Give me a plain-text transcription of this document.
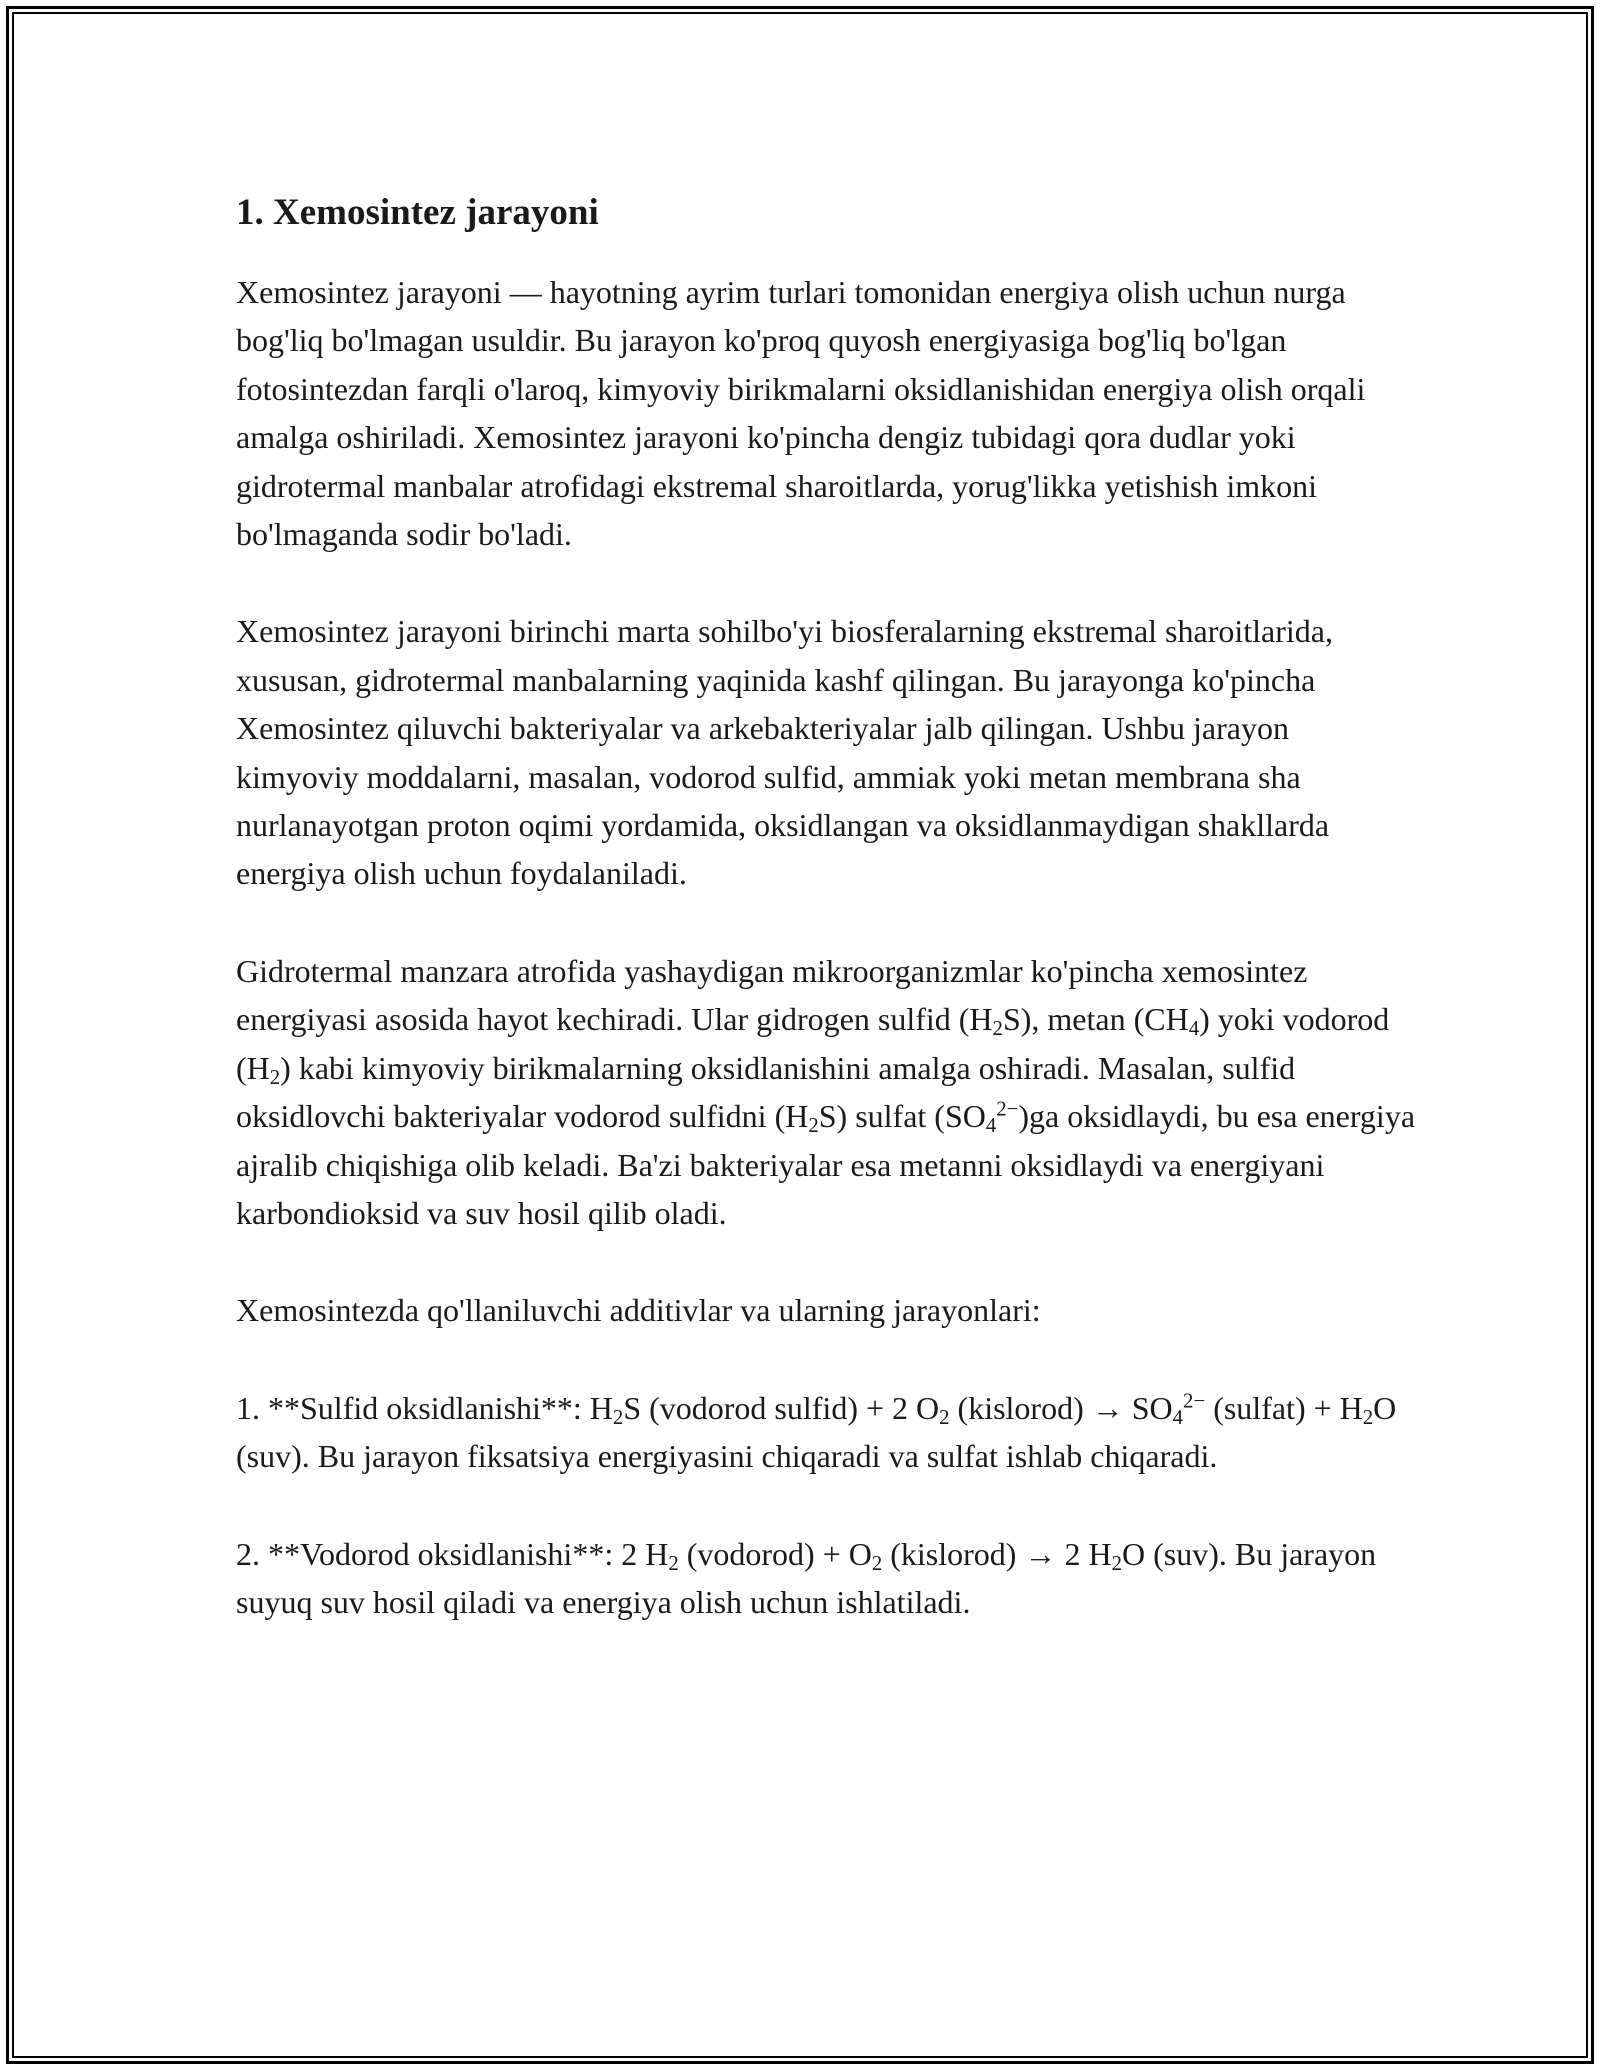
1. Xemosintez jarayoni

Xemosintez jarayoni — hayotning ayrim turlari tomonidan energiya olish uchun nurga bog'liq bo'lmagan usuldir. Bu jarayon ko'proq quyosh energiyasiga bog'liq bo'lgan fotosintezdan farqli o'laroq, kimyoviy birikmalarni oksidlanishidan energiya olish orqali amalga oshiriladi. Xemosintez jarayoni ko'pincha dengiz tubidagi qora dudlar yoki gidrotermal manbalar atrofidagi ekstremal sharoitlarda, yorug'likka yetishish imkoni bo'lmaganda sodir bo'ladi.

Xemosintez jarayoni birinchi marta sohilbo'yi biosferalarning ekstremal sharoitlarida, xususan, gidrotermal manbalarning yaqinida kashf qilingan. Bu jarayonga ko'pincha Xemosintez qiluvchi bakteriyalar va arkebakteriyalar jalb qilingan. Ushbu jarayon kimyoviy moddalarni, masalan, vodorod sulfid, ammiak yoki metan membrana sha nurlanayotgan proton oqimi yordamida, oksidlangan va oksidlanmaydigan shakllarda energiya olish uchun foydalaniladi.

Gidrotermal manzara atrofida yashaydigan mikroorganizmlar ko'pincha xemosintez energiyasi asosida hayot kechiradi. Ular gidrogen sulfid $(H_2S)$, metan $(CH_4)$ yoki vodorod $(H_2)$ kabi kimyoviy birikmalarning oksidlanishini amalga oshiradi. Masalan, sulfid oksidlovchi bakteriyalar vodorod sulfidni $(H_2S)$ sulfat $(SO_4^{2-})ga$ oksidlaydi, bu esa energiya ajralib chiqishiga olib keladi. Ba'zi bakteriyalar esa metanni oksidlaydi va energiyani karbondioksid va suv hosil qilib oladi.

Xemosintezda qo'llaniluvchi additivlar va ularning jarayonlari:

1. **Sulfid oksidlanishi**: $H_2S$ (vodorod sulfid) + 2 $O_2$ (kislorod) → $SO_4^{2-}$ (sulfat) + $H_2O$ (suv). Bu jarayon fiksatsiya energiyasini chiqaradi va sulfat ishlab chiqaradi.

2. **Vodorod oksidlanishi**: 2 $H_2$ (vodorod) + $O_2$ (kislorod) → 2 $H_2O$ (suv). Bu jarayon suyuq suv hosil qiladi va energiya olish uchun ishlatiladi.
